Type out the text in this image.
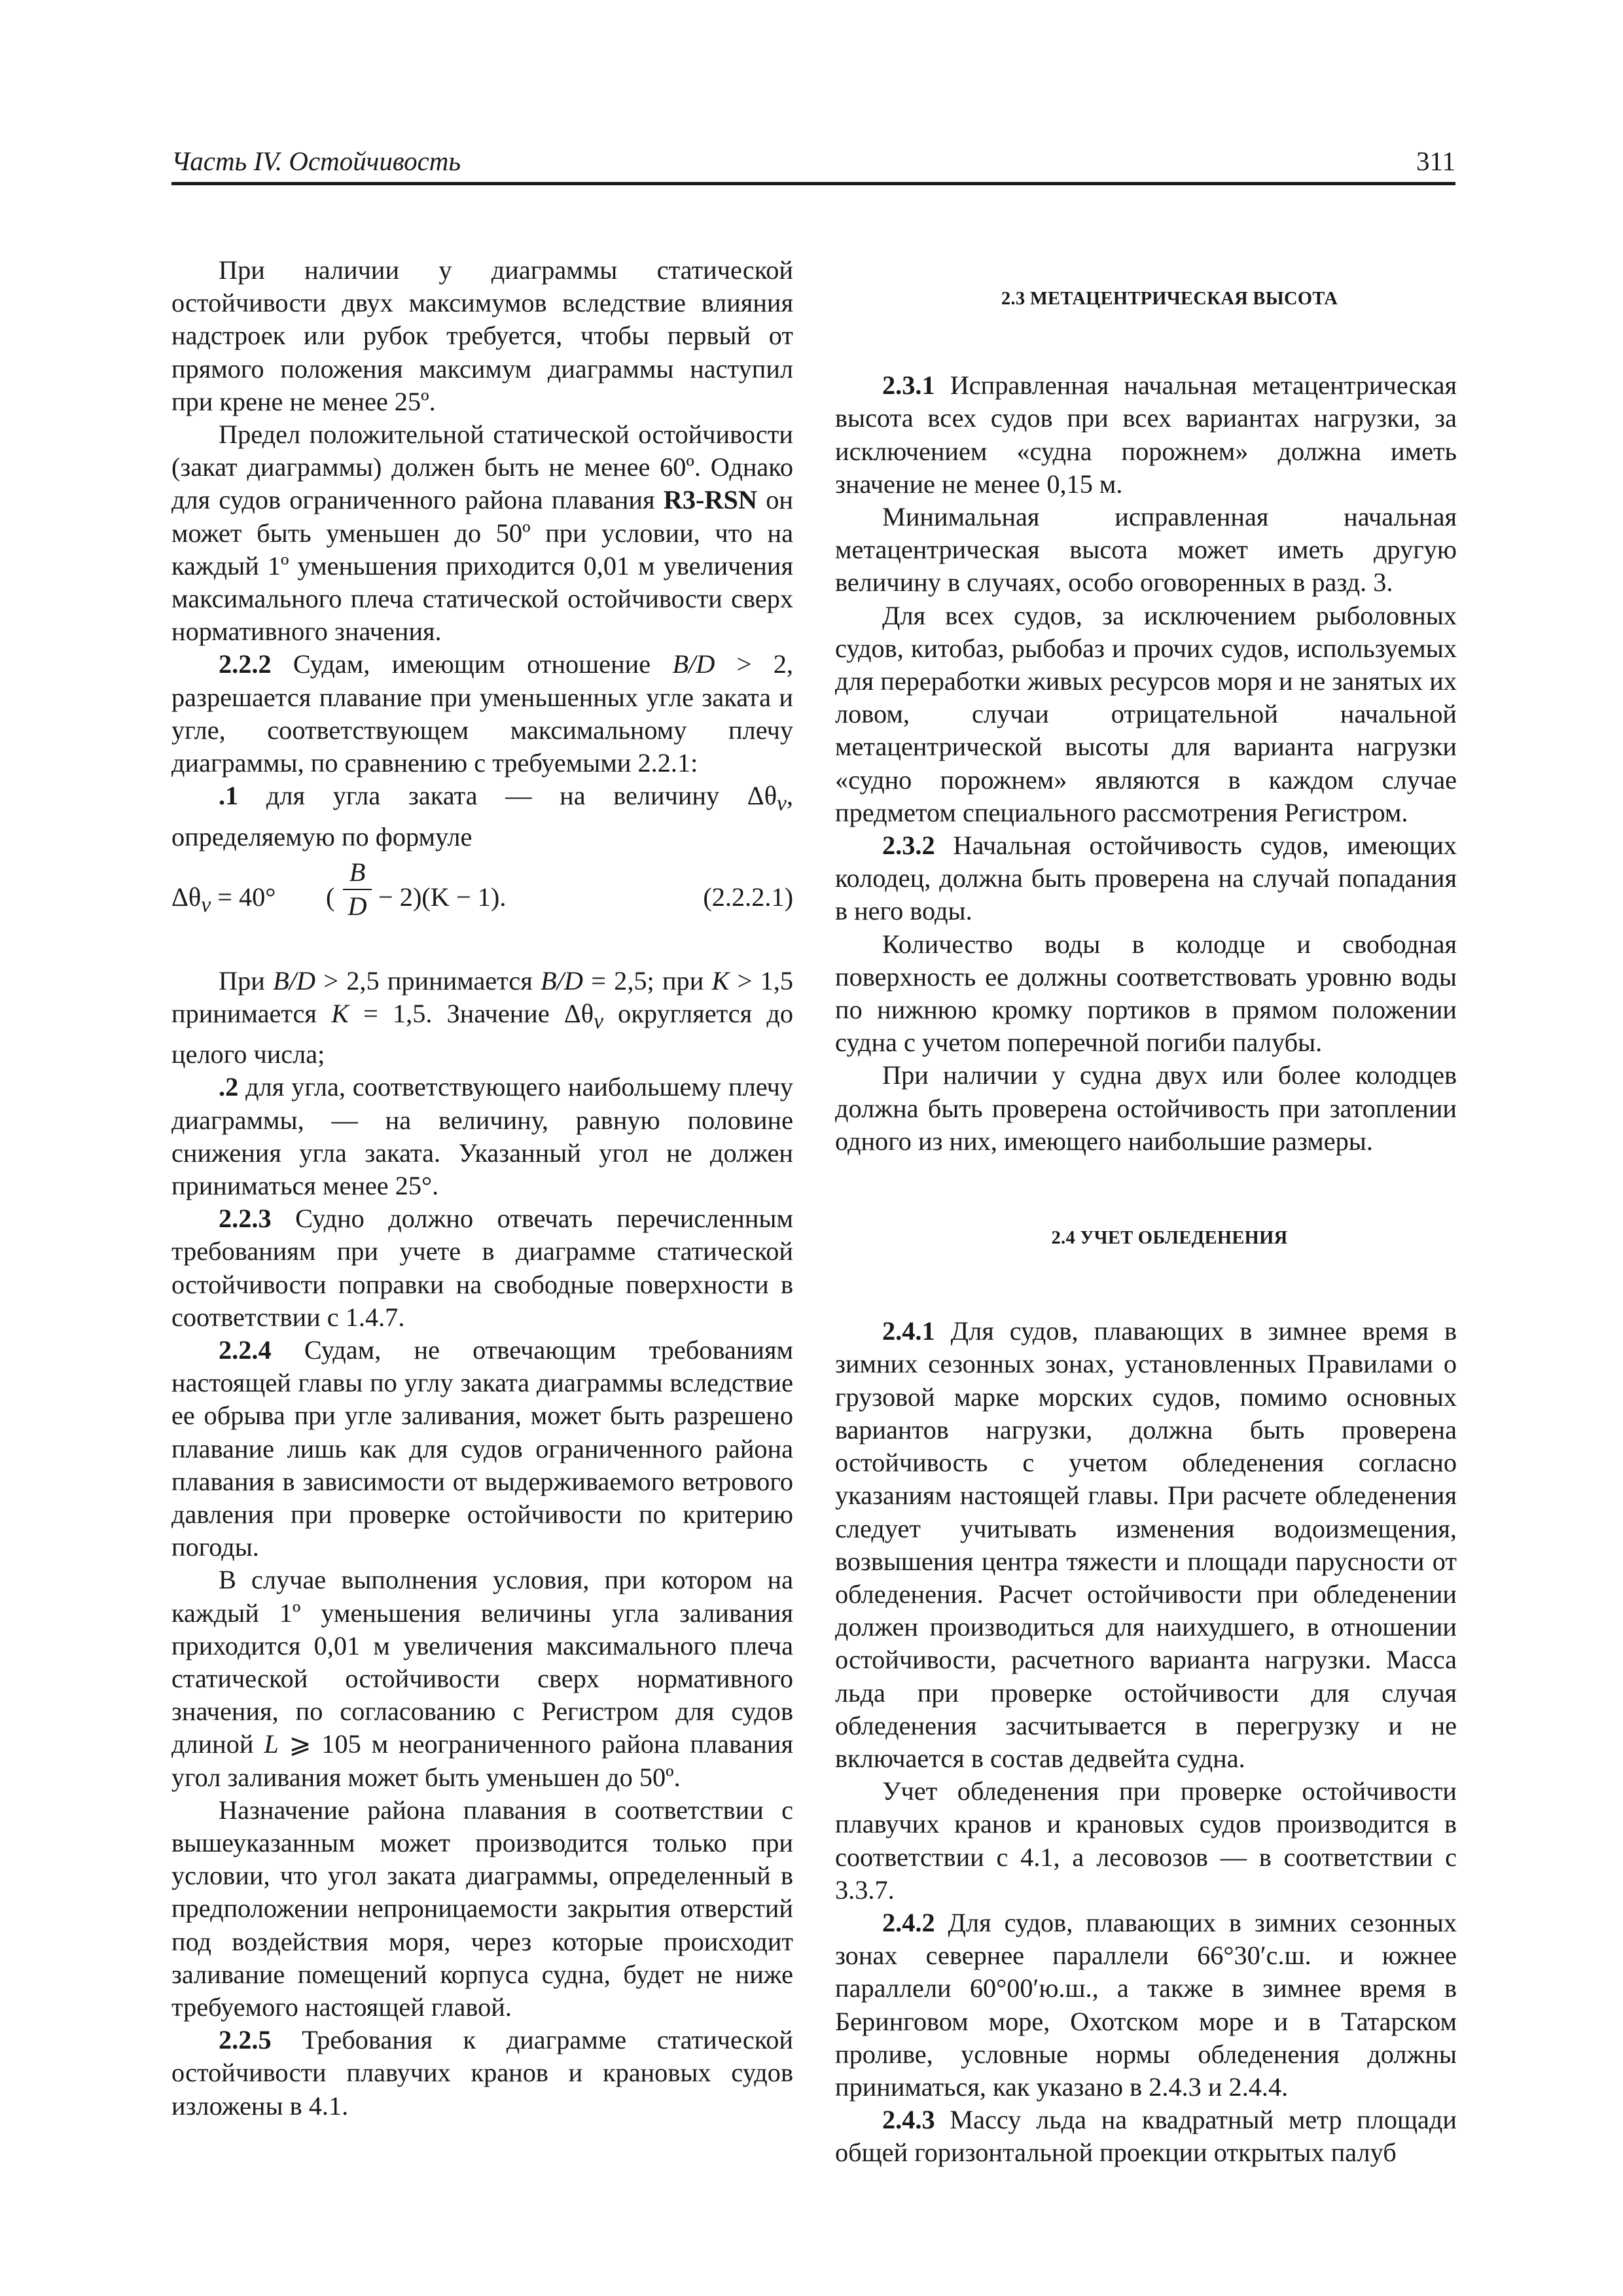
Часть IV. Остойчивость	311

При наличии у диаграммы статической остойчивости двух максимумов вследствие влияния надстроек или рубок требуется, чтобы первый от прямого положения максимум диаграммы наступил при крене не менее 25º.

Предел положительной статической остойчивости (закат диаграммы) должен быть не менее 60º. Однако для судов ограниченного района плавания R3-RSN он может быть уменьшен до 50º при условии, что на каждый 1º уменьшения приходится 0,01 м увеличения максимального плеча статической остойчивости сверх нормативного значения.

2.2.2 Судам, имеющим отношение B/D > 2, разрешается плавание при уменьшенных угле заката и угле, соответствующем максимальному плечу диаграммы, по сравнению с требуемыми 2.2.1:

.1 для угла заката — на величину $\Delta\theta_v$, определяемую по формуле

$\Delta\theta_v = 40^\circ$ (
B
D − 2)(K − 1).	(2.2.2.1)

При B/D > 2,5 принимается B/D = 2,5; при K > 1,5 принимается K = 1,5. Значение $\Delta\theta_v$ округляется до целого числа;

.2 для угла, соответствующего наибольшему плечу диаграммы, — на величину, равную половине снижения угла заката. Указанный угол не должен приниматься менее 25°.

2.2.3 Судно должно отвечать перечисленным требованиям при учете в диаграмме статической остойчивости поправки на свободные поверхности в соответствии с 1.4.7.

2.2.4 Судам, не отвечающим требованиям настоящей главы по углу заката диаграммы вследствие ее обрыва при угле заливания, может быть разрешено плавание лишь как для судов ограниченного района плавания в зависимости от выдерживаемого ветрового давления при проверке остойчивости по критерию погоды.

В случае выполнения условия, при котором на каждый 1º уменьшения величины угла заливания приходится 0,01 м увеличения максимального плеча статической остойчивости сверх нормативного значения, по согласованию с Регистром для судов длиной L ⩾ 105 м неограниченного района плавания угол заливания может быть уменьшен до 50º.

Назначение района плавания в соответствии с вышеуказанным может производится только при условии, что угол заката диаграммы, определенный в предположении непроницаемости закрытия отверстий под воздействия моря, через которые происходит заливание помещений корпуса судна, будет не ниже требуемого настоящей главой.

2.2.5 Требования к диаграмме статической остойчивости плавучих кранов и крановых судов изложены в 4.1.

2.3 МЕТАЦЕНТРИЧЕСКАЯ ВЫСОТА

2.3.1 Исправленная начальная метацентрическая высота всех судов при всех вариантах нагрузки, за исключением «судна порожнем» должна иметь значение не менее 0,15 м.

Минимальная исправленная начальная метацентрическая высота может иметь другую величину в случаях, особо оговоренных в разд. 3.

Для всех судов, за исключением рыболовных судов, китобаз, рыбобаз и прочих судов, используемых для переработки живых ресурсов моря и не занятых их ловом, случаи отрицательной начальной метацентрической высоты для варианта нагрузки «судно порожнем» являются в каждом случае предметом специального рассмотрения Регистром.

2.3.2 Начальная остойчивость судов, имеющих колодец, должна быть проверена на случай попадания в него воды.

Количество воды в колодце и свободная поверхность ее должны соответствовать уровню воды по нижнюю кромку портиков в прямом положении судна с учетом поперечной погиби палубы.

При наличии у судна двух или более колодцев должна быть проверена остойчивость при затоплении одного из них, имеющего наибольшие размеры.

2.4 УЧЕТ ОБЛЕДЕНЕНИЯ

2.4.1 Для судов, плавающих в зимнее время в зимних сезонных зонах, установленных Правилами о грузовой марке морских судов, помимо основных вариантов нагрузки, должна быть проверена остойчивость с учетом обледенения согласно указаниям настоящей главы. При расчете обледенения следует учитывать изменения водоизмещения, возвышения центра тяжести и площади парусности от обледенения. Расчет остойчивости при обледенении должен производиться для наихудшего, в отношении остойчивости, расчетного варианта нагрузки. Масса льда при проверке остойчивости для случая обледенения засчитывается в перегрузку и не включается в состав дедвейта судна.

Учет обледенения при проверке остойчивости плавучих кранов и крановых судов производится в соответствии с 4.1, а лесовозов — в соответствии с 3.3.7.

2.4.2 Для судов, плавающих в зимних сезонных зонах севернее параллели 66°30′с.ш. и южнее параллели 60°00′ю.ш., а также в зимнее время в Беринговом море, Охотском море и в Татарском проливе, условные нормы обледенения должны приниматься, как указано в 2.4.3 и 2.4.4.

2.4.3 Массу льда на квадратный метр площади общей горизонтальной проекции открытых палуб
